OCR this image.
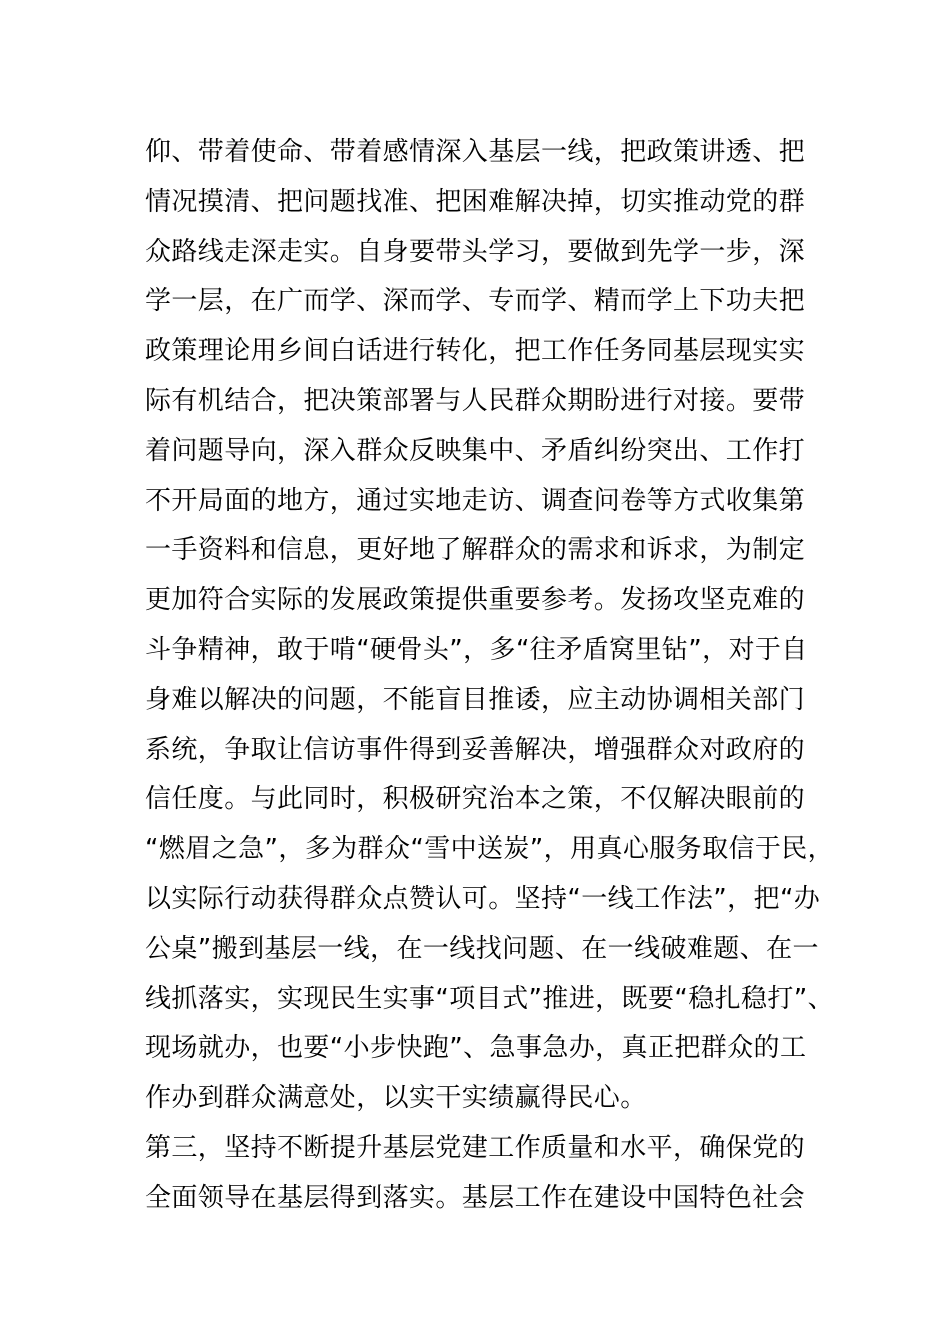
仰、带着使命、带着感情深入基层一线，把政策讲透、把
情况摸清、把问题找准、把困难解决掉，切实推动党的群
众路线走深走实。自身要带头学习，要做到先学一步，深
学一层，在广而学、深而学、专而学、精而学上下功夫把
政策理论用乡间白话进行转化，把工作任务同基层现实实
际有机结合，把决策部署与人民群众期盼进行对接。要带
着问题导向，深入群众反映集中、矛盾纠纷突出、工作打
不开局面的地方，通过实地走访、调查问卷等方式收集第
一手资料和信息，更好地了解群众的需求和诉求，为制定
更加符合实际的发展政策提供重要参考。发扬攻坚克难的
斗争精神，敢于啃“硬骨头”，多“往矛盾窝里钻”，对于自
身难以解决的问题，不能盲目推诿，应主动协调相关部门
系统，争取让信访事件得到妥善解决，增强群众对政府的
信任度。与此同时，积极研究治本之策，不仅解决眼前的
“燃眉之急”，多为群众“雪中送炭”，用真心服务取信于民，
以实际行动获得群众点赞认可。坚持“一线工作法”，把“办
公桌”搬到基层一线，在一线找问题、在一线破难题、在一
线抓落实，实现民生实事“项目式”推进，既要“稳扎稳打”、
现场就办，也要“小步快跑”、急事急办，真正把群众的工
作办到群众满意处，以实干实绩赢得民心。
第三，坚持不断提升基层党建工作质量和水平，确保党的
全面领导在基层得到落实。基层工作在建设中国特色社会
